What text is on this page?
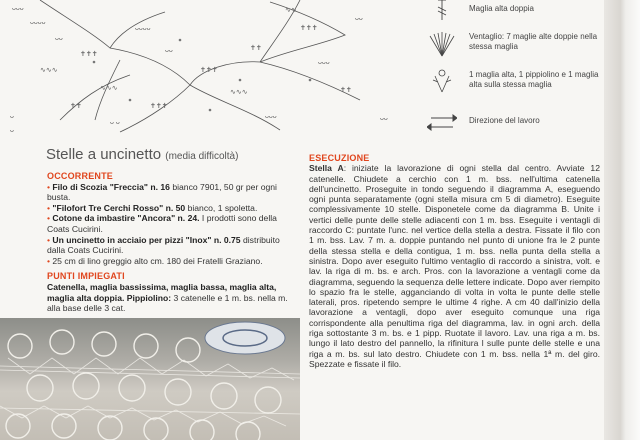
ᴗᴗᴗ
ᴗᴗᴗᴗ
ᴗᴗ
✝✝✝
ᴗᴗᴗᴗ
ᴗᴗ
∿∿∿
✝✝
ᴗ ᴗ
✝✝✝
✝✝✝
∿∿∿
ᴗᴗᴗ
✝✝✝
ᴗᴗᴗ
✝✝
ᴗᴗ
∿∿
✝✝
∿∿∿
ᴗ
ᴗ
ᴗᴗ
Maglia alta doppia
Ventaglio: 7 maglie alte doppie nella stessa maglia
1 maglia alta, 1 pippiolino e 1 maglia alta sulla stessa maglia
Direzione del lavoro
Stelle a uncinetto (media difficoltà)
OCCORRENTE

• Filo di Scozia "Freccia" n. 16 bianco 7901, 50 gr per ogni busta.

• "Filofort Tre Cerchi Rosso" n. 50 bianco, 1 spoletta.

• Cotone da imbastire "Ancora" n. 24. I prodotti sono della Coats Cucirini.

• Un uncinetto in acciaio per pizzi "Inox" n. 0.75 distribuito dalla Coats Cucirini.

• 25 cm di lino greggio alto cm. 180 dei Fratelli Graziano.

PUNTI IMPIEGATI

Catenella, maglia bassissima, maglia bassa, maglia alta, maglia alta doppia. Pippiolino: 3 catenelle e 1 m. bs. nella m. alla base delle 3 cat.

ESECUZIONE

Stella A: iniziate la lavorazione di ogni stella dal centro. Avviate 12 catenelle. Chiudete a cerchio con 1 m. bss. nell'ultima catenella dell'uncinetto. Proseguite in tondo seguendo il diagramma A, eseguendo ogni punta separatamente (ogni stella misura cm 5 di diametro). Eseguite complessivamente 10 stelle. Disponetele come da diagramma B. Unite i vertici delle punte delle stelle adiacenti con 1 m. bss. Eseguite i ventagli di raccordo C: puntate l'unc. nel vertice della stella a destra. Fissate il filo con 1 m. bss. Lav. 7 m. a. doppie puntando nel punto di unione fra le 2 punte della stessa stella e della contigua, 1 m. bss. nella punta della stella a sinistra. Dopo aver eseguito l'ultimo ventaglio di raccordo a sinistra, volt. e lav. la riga di m. bs. e arch. Pros. con la lavorazione a ventagli come da diagramma, seguendo la sequenza delle lettere indicate. Dopo aver riempito lo spazio fra le stelle, agganciando di volta in volta le punte delle stelle laterali, pros. ripetendo sempre le ultime 4 righe. A cm 40 dall'inizio della lavorazione a ventagli, dopo aver eseguito comunque una riga corrispondente alla penultima riga del diagramma, lav. in ogni arch. della riga sottostante 3 m. bs. e 1 pipp. Ruotate il lavoro. Lav. una riga a m. bs. lungo il lato destro del pannello, la rifinitura l sulle punte delle stelle e una riga a m. bs. sul lato destro. Chiudete con 1 m. bss. nella 1ª m. del giro. Spezzate e fissate il filo.
